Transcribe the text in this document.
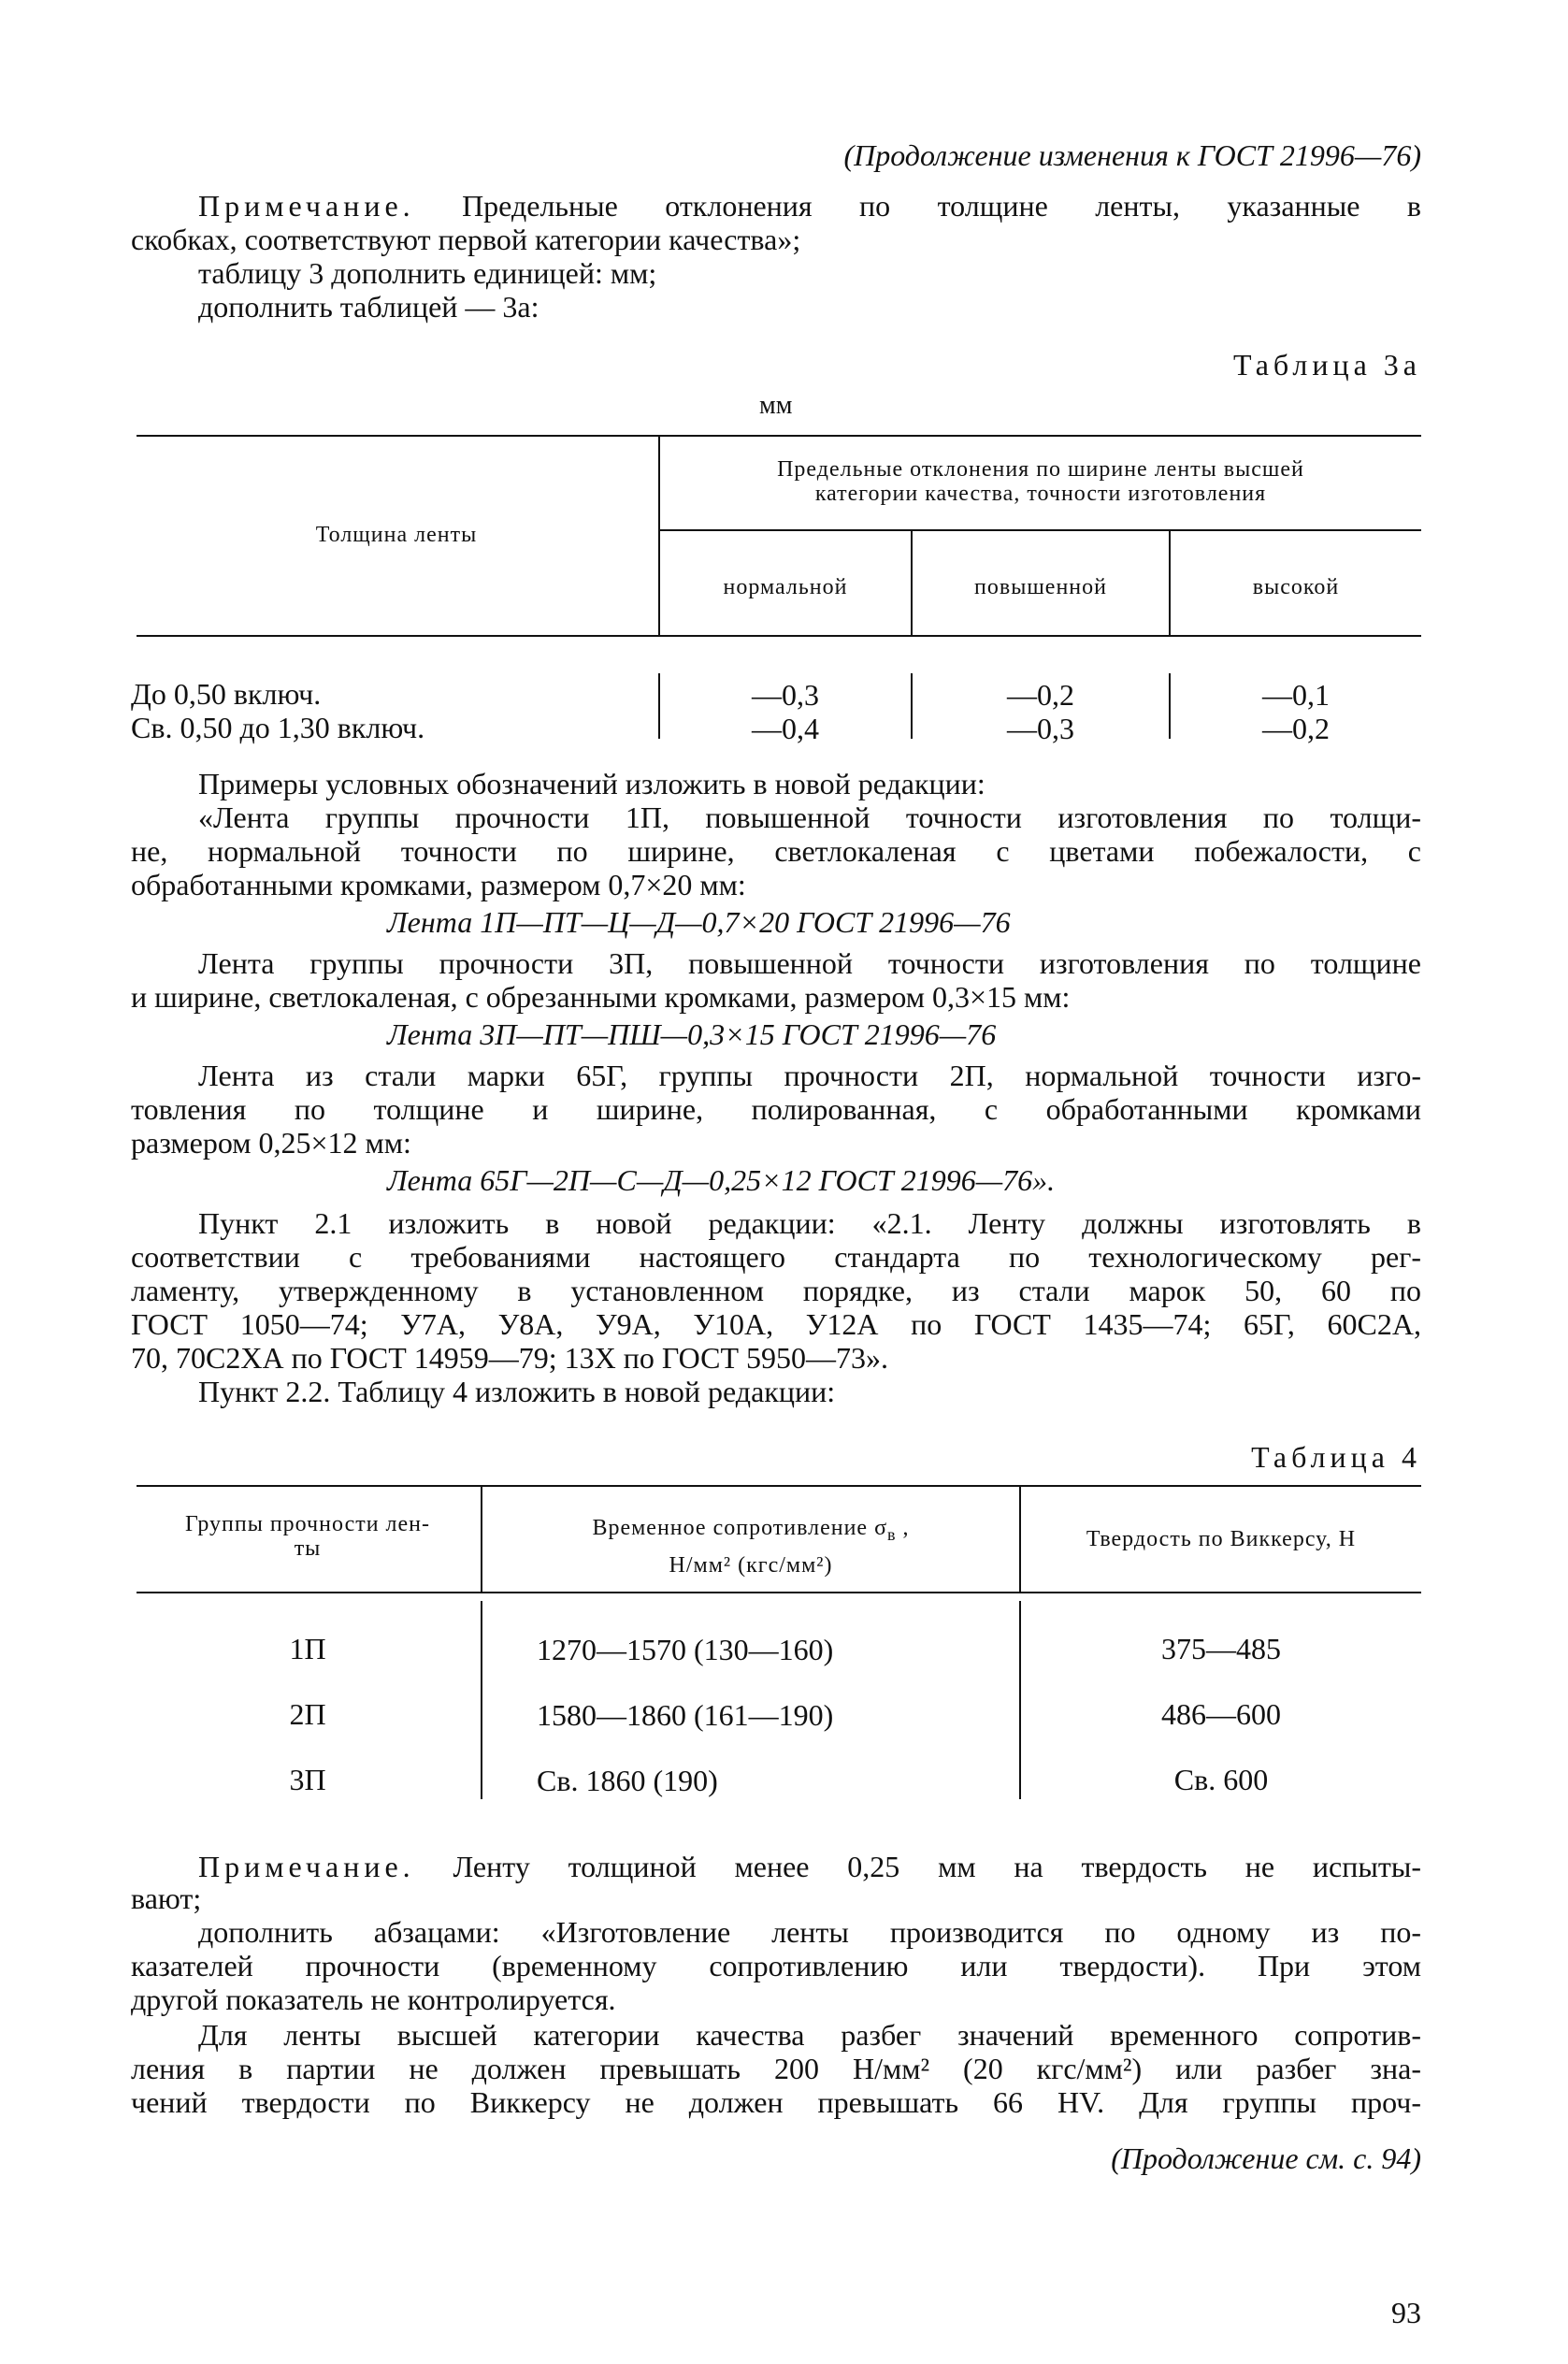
(Продолжение изменения к ГОСТ 21996—76)
Примечание. Предельные отклонения по толщине ленты, указанные в
скобках, соответствуют первой категории качества»;
таблицу 3 дополнить единицей: мм;
дополнить таблицей — 3а:
Таблица 3а
мм
Толщина ленты
Предельные отклонения по ширине ленты высшей
категории качества, точности изготовления
нормальной	повышенной	высокой
До 0,50 включ.	—0,3	—0,2	—0,1
Св. 0,50 до 1,30 включ.	—0,4	—0,3	—0,2
Примеры условных обозначений изложить в новой редакции:
«Лента группы прочности 1П, повышенной точности изготовления по толщи-
не, нормальной точности по ширине, светлокаленая с цветами побежалости, с
обработанными кромками, размером 0,7×20 мм:
Лента 1П—ПТ—Ц—Д—0,7×20 ГОСТ 21996—76
Лента группы прочности 3П, повышенной точности изготовления по толщине
и ширине, светлокаленая, с обрезанными кромками, размером 0,3×15 мм:
Лента 3П—ПТ—ПШ—0,3×15 ГОСТ 21996—76
Лента из стали марки 65Г, группы прочности 2П, нормальной точности изго-
товления по толщине и ширине, полированная, с обработанными кромками
размером 0,25×12 мм:
Лента 65Г—2П—С—Д—0,25×12 ГОСТ 21996—76».
Пункт 2.1 изложить в новой редакции: «2.1. Ленту должны изготовлять в
соответствии с требованиями настоящего стандарта по технологическому рег-
ламенту, утвержденному в установленном порядке, из стали марок 50, 60 по
ГОСТ 1050—74; У7А, У8А, У9А, У10А, У12А по ГОСТ 1435—74; 65Г, 60С2А,
70, 70С2ХА по ГОСТ 14959—79; 13Х по ГОСТ 5950—73».
Пункт 2.2. Таблицу 4 изложить в новой редакции:
Таблица 4
Группы прочности лен-
ты
Временное сопротивление $\sigma_в$ ,
Н/мм² (кгс/мм²)
Твердость по Виккерсу, Н
1П	1270—1570 (130—160)	375—485
2П	1580—1860 (161—190)	486—600
3П	Св. 1860 (190)	Св. 600
Примечание. Ленту толщиной менее 0,25 мм на твердость не испыты-
вают;
дополнить абзацами: «Изготовление ленты производится по одному из по-
казателей прочности (временному сопротивлению или твердости). При этом
другой показатель не контролируется.
Для ленты высшей категории качества разбег значений временного сопротив-
ления в партии не должен превышать 200 Н/мм² (20 кгс/мм²) или разбег зна-
чений твердости по Виккерсу не должен превышать 66 HV. Для группы проч-
(Продолжение см. с. 94)
93
